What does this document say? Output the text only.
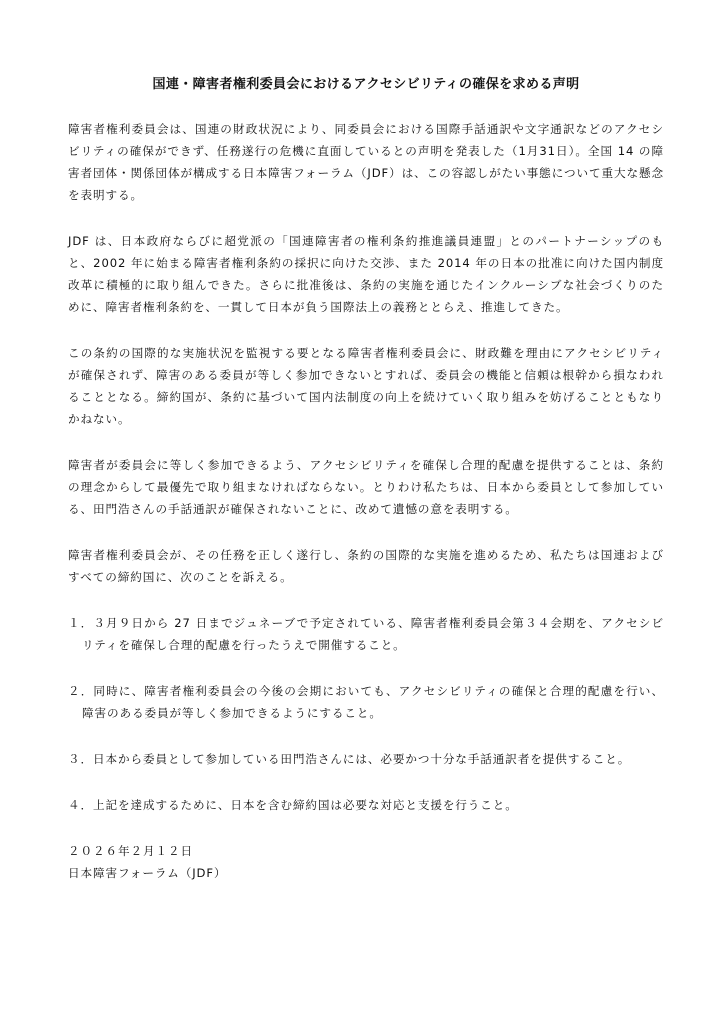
国連・障害者権利委員会におけるアクセシビリティの確保を求める声明

障害者権利委員会は、国連の財政状況により、同委員会における国際手話通訳や文字通訳などのアクセシビリティの確保ができず、任務遂行の危機に直面しているとの声明を発表した（1月31日）。全国 14 の障害者団体・関係団体が構成する日本障害フォーラム（JDF）は、この容認しがたい事態について重大な懸念を表明する。

JDF は、日本政府ならびに超党派の「国連障害者の権利条約推進議員連盟」とのパートナーシップのもと、2002 年に始まる障害者権利条約の採択に向けた交渉、また 2014 年の日本の批准に向けた国内制度改革に積極的に取り組んできた。さらに批准後は、条約の実施を通じたインクルーシブな社会づくりのために、障害者権利条約を、一貫して日本が負う国際法上の義務ととらえ、推進してきた。

この条約の国際的な実施状況を監視する要となる障害者権利委員会に、財政難を理由にアクセシビリティが確保されず、障害のある委員が等しく参加できないとすれば、委員会の機能と信頼は根幹から損なわれることとなる。締約国が、条約に基づいて国内法制度の向上を続けていく取り組みを妨げることともなりかねない。

障害者が委員会に等しく参加できるよう、アクセシビリティを確保し合理的配慮を提供することは、条約の理念からして最優先で取り組まなければならない。とりわけ私たちは、日本から委員として参加している、田門浩さんの手話通訳が確保されないことに、改めて遺憾の意を表明する。

障害者権利委員会が、その任務を正しく遂行し、条約の国際的な実施を進めるため、私たちは国連およびすべての締約国に、次のことを訴える。

１．３月９日から 27 日までジュネーブで予定されている、障害者権利委員会第３４会期を、アクセシビリティを確保し合理的配慮を行ったうえで開催すること。

２．同時に、障害者権利委員会の今後の会期においても、アクセシビリティの確保と合理的配慮を行い、障害のある委員が等しく参加できるようにすること。

３．日本から委員として参加している田門浩さんには、必要かつ十分な手話通訳者を提供すること。

４．上記を達成するために、日本を含む締約国は必要な対応と支援を行うこと。

２０２６年２月１２日

日本障害フォーラム（JDF）
